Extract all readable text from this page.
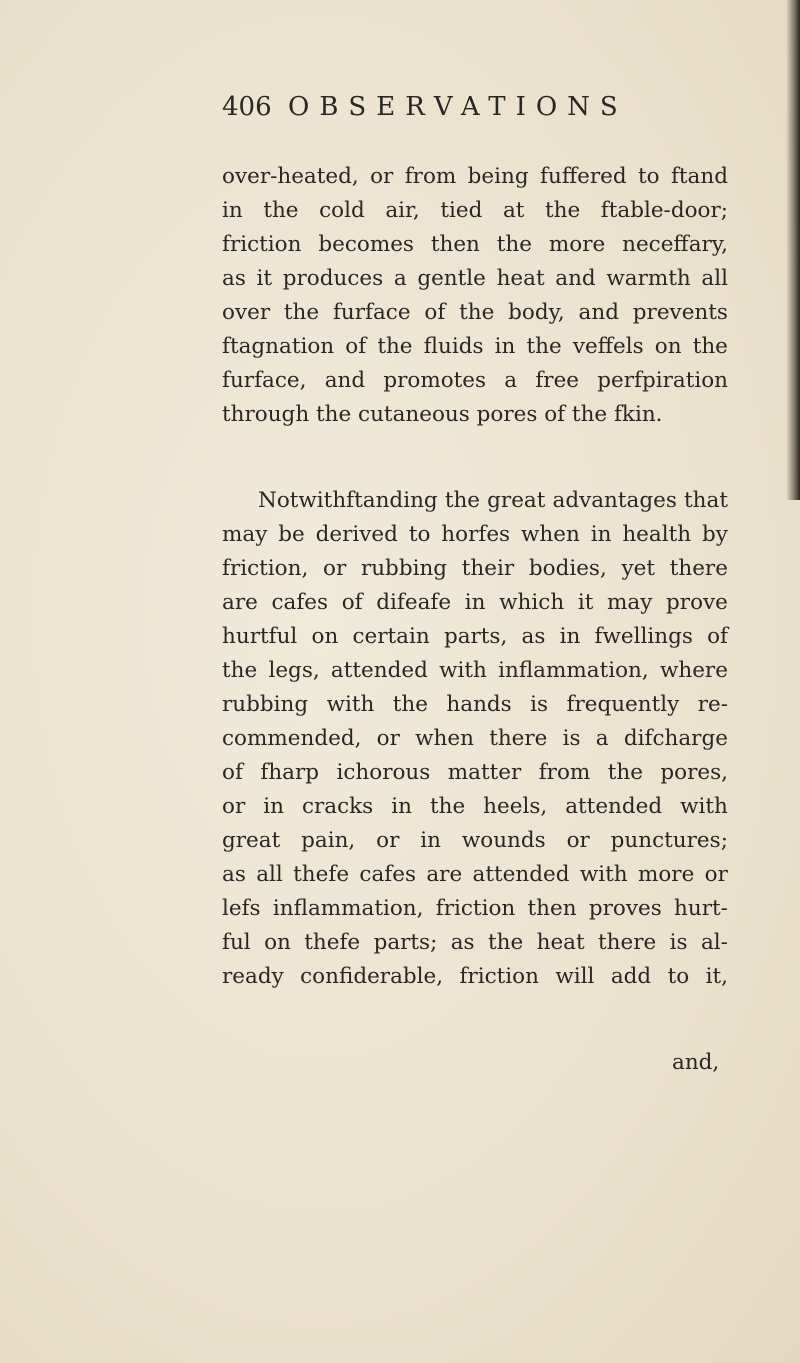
406 OBSERVATIONS
over-heated, or from being fuffered to ftand
in the cold air, tied at the ftable-door;
friction becomes then the more neceffary,
as it produces a gentle heat and warmth all
over the furface of the body, and prevents
ftagnation of the fluids in the veffels on the
furface, and promotes a free perfpiration
through the cutaneous pores of the fkin.
Notwithftanding the great advantages that
may be derived to horfes when in health by
friction, or rubbing their bodies, yet there
are cafes of difeafe in which it may prove
hurtful on certain parts, as in fwellings of
the legs, attended with inflammation, where
rubbing with the hands is frequently re-
commended, or when there is a difcharge
of fharp ichorous matter from the pores,
or in cracks in the heels, attended with
great pain, or in wounds or punctures;
as all thefe cafes are attended with more or
lefs inflammation, friction then proves hurt-
ful on thefe parts; as the heat there is al-
ready confiderable, friction will add to it,
and,
